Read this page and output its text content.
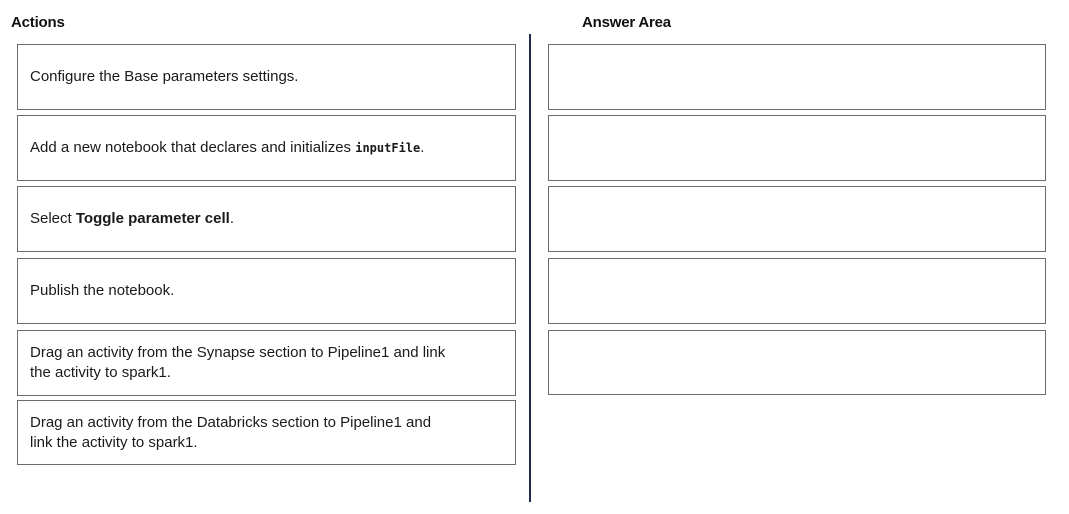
Actions	Answer Area
Configure the Base parameters settings.
Add a new notebook that declares and initializes inputFile.
Select Toggle parameter cell.
Publish the notebook.
Drag an activity from the Synapse section to Pipeline1 and link
the activity to spark1.
Drag an activity from the Databricks section to Pipeline1 and
link the activity to spark1.
